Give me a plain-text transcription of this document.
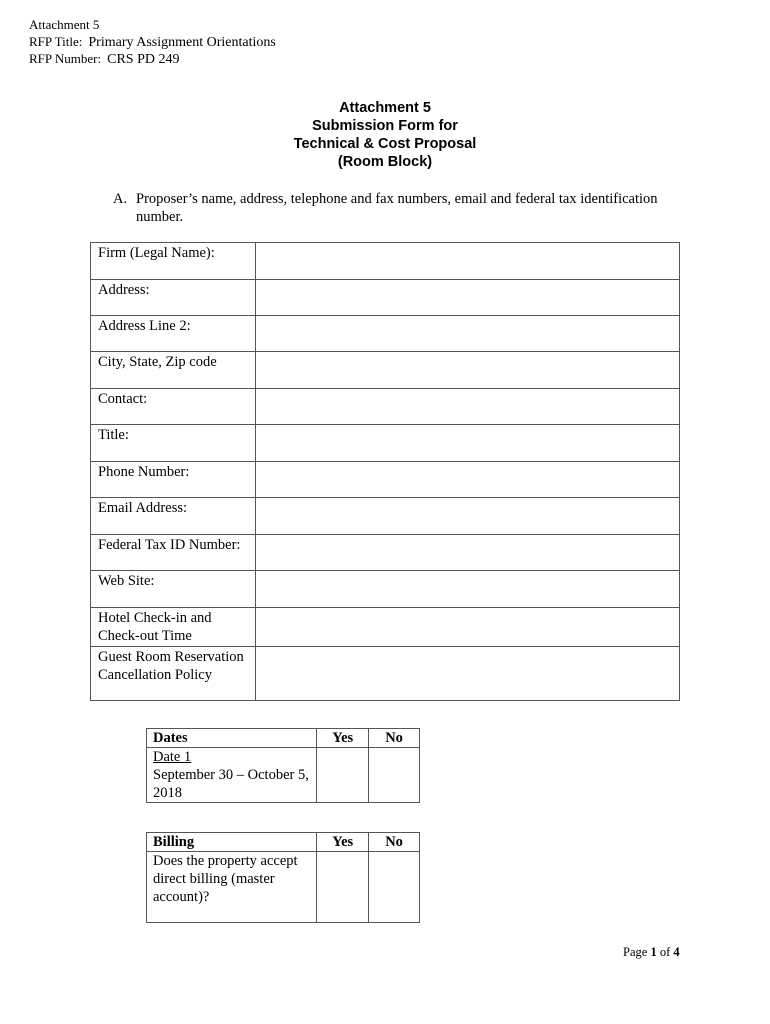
Attachment 5
RFP Title: Primary Assignment Orientations
RFP Number: CRS PD 249
Attachment 5
Submission Form for
Technical & Cost Proposal
(Room Block)
A. Proposer’s name, address, telephone and fax numbers, email and federal tax identification number.
Firm (Legal Name):	
Address:	
Address Line 2:	
City, State, Zip code	
Contact:	
Title:	
Phone Number:	
Email Address:	
Federal Tax ID Number:	
Web Site:	
Hotel Check-in and Check-out Time	
Guest Room Reservation Cancellation Policy	
Dates	Yes	No

Date 1
September 30 – October 5, 2018		

Billing	Yes	No
Does the property accept direct billing (master account)?		
Page 1 of 4
